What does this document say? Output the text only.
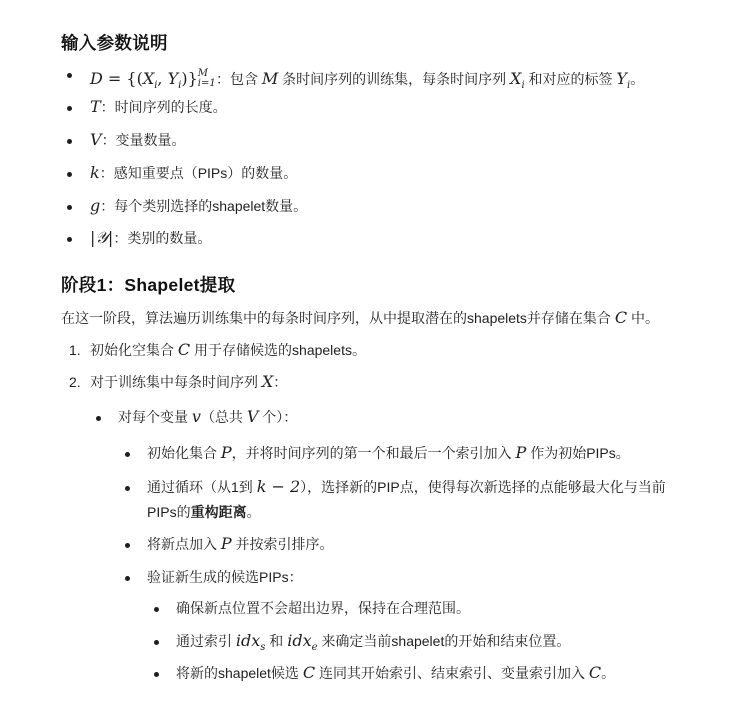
输入参数说明
$D = \{(X_i$, $Y_i)\}_{i=1}^M$ ：包含 M 条时间序列的训练集，每条时间序列 $X_i$ 和对应的标签 $Y_i$。
T：时间序列的长度。
V：变量数量。
k：感知重要点（PIPs）的数量。
g：每个类别选择的shapelet数量。
|𝒴|：类别的数量。
阶段1：Shapelet提取
在这一阶段，算法遍历训练集中的每条时间序列，从中提取潜在的shapelets并存储在集合 C 中。
1. 初始化空集合 C 用于存储候选的shapelets。
2. 对于训练集中每条时间序列 X：
对每个变量 v（总共 V 个）：
初始化集合 P，并将时间序列的第一个和最后一个索引加入 P 作为初始PIPs。
通过循环（从1到 k − 2），选择新的PIP点，使得每次新选择的点能够最大化与当前
PIPs的重构距离。
将新点加入 P 并按索引排序。
验证新生成的候选PIPs：
确保新点位置不会超出边界，保持在合理范围。
通过索引 idx$_s$ 和 idx$_e$ 来确定当前shapelet的开始和结束位置。
将新的shapelet候选 C 连同其开始索引、结束索引、变量索引加入 C。
